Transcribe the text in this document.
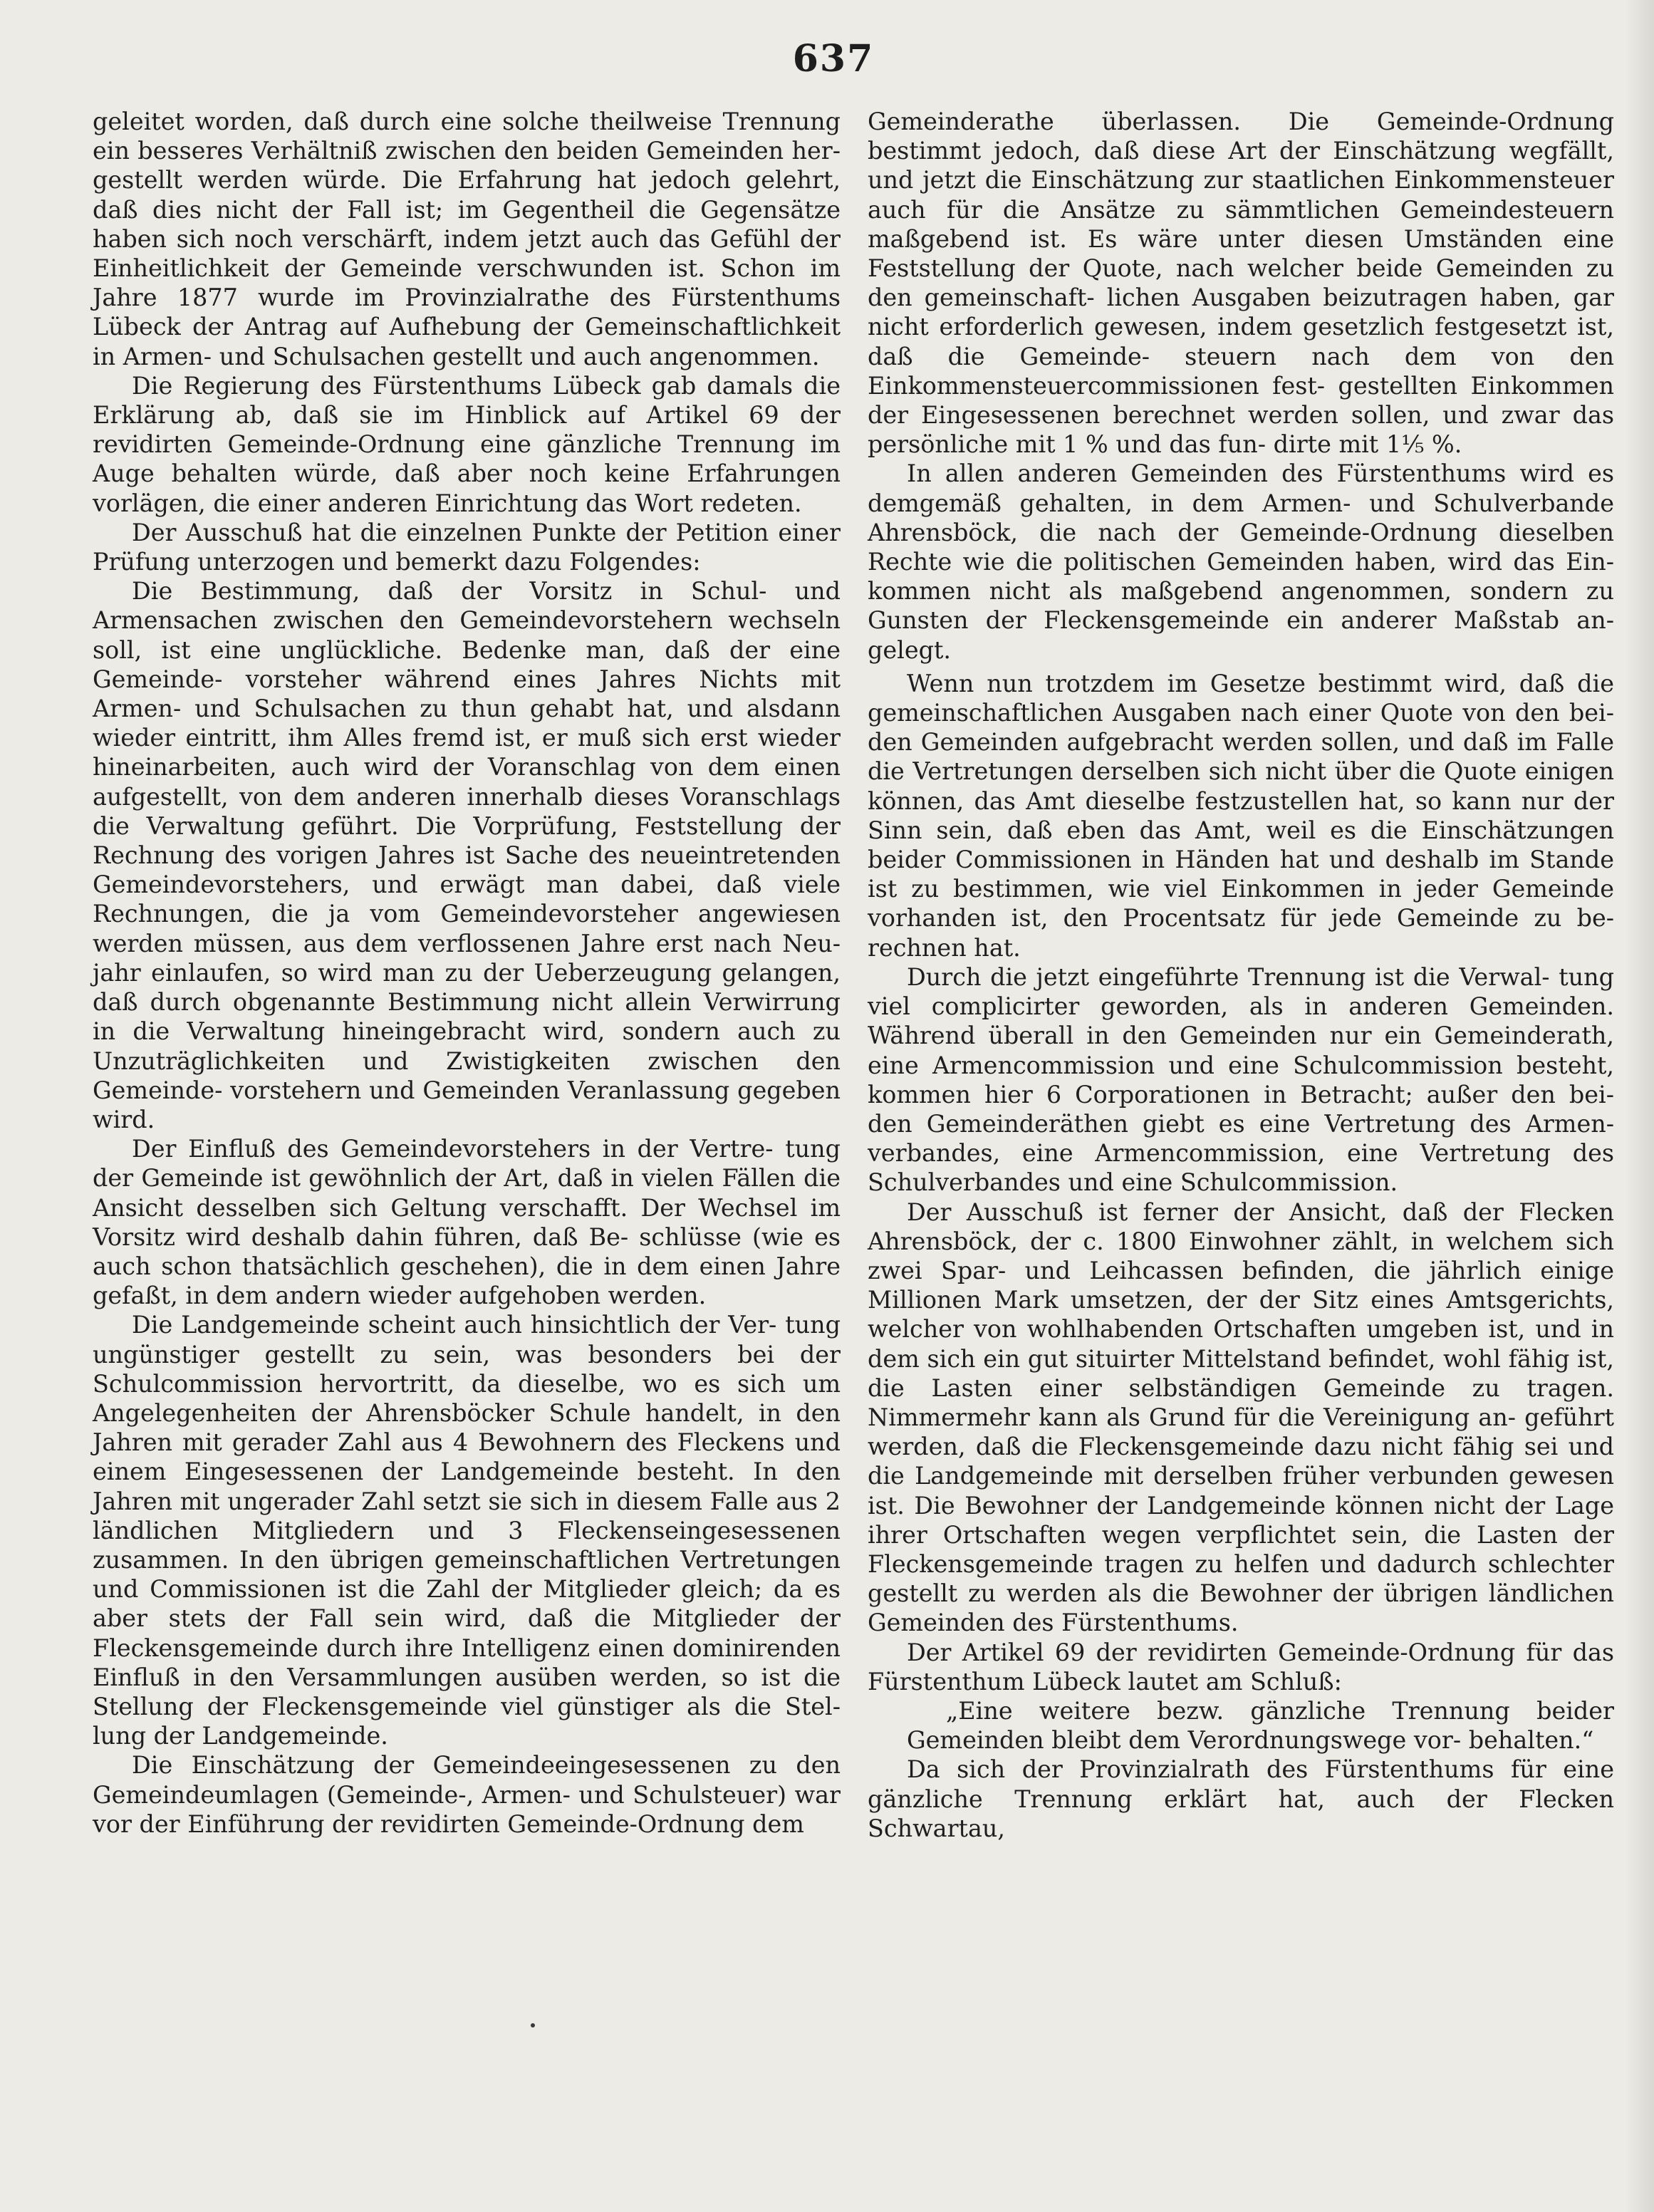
637

geleitet worden, daß durch eine solche theilweise Trennung ein besseres Verhältniß zwischen den beiden Gemeinden her- gestellt werden würde. Die Erfahrung hat jedoch gelehrt, daß dies nicht der Fall ist; im Gegentheil die Gegensätze haben sich noch verschärft, indem jetzt auch das Gefühl der Einheitlichkeit der Gemeinde verschwunden ist. Schon im Jahre 1877 wurde im Provinzialrathe des Fürstenthums Lübeck der Antrag auf Aufhebung der Gemeinschaftlichkeit in Armen- und Schulsachen gestellt und auch angenommen.

Die Regierung des Fürstenthums Lübeck gab damals die Erklärung ab, daß sie im Hinblick auf Artikel 69 der revidirten Gemeinde-Ordnung eine gänzliche Trennung im Auge behalten würde, daß aber noch keine Erfahrungen vorlägen, die einer anderen Einrichtung das Wort redeten.

Der Ausschuß hat die einzelnen Punkte der Petition einer Prüfung unterzogen und bemerkt dazu Folgendes:

Die Bestimmung, daß der Vorsitz in Schul- und Armensachen zwischen den Gemeindevorstehern wechseln soll, ist eine unglückliche. Bedenke man, daß der eine Gemeinde- vorsteher während eines Jahres Nichts mit Armen- und Schulsachen zu thun gehabt hat, und alsdann wieder eintritt, ihm Alles fremd ist, er muß sich erst wieder hineinarbeiten, auch wird der Voranschlag von dem einen aufgestellt, von dem anderen innerhalb dieses Voranschlags die Verwaltung geführt. Die Vorprüfung, Feststellung der Rechnung des vorigen Jahres ist Sache des neueintretenden Gemeindevorstehers, und erwägt man dabei, daß viele Rechnungen, die ja vom Gemeindevorsteher angewiesen werden müssen, aus dem verflossenen Jahre erst nach Neu- jahr einlaufen, so wird man zu der Ueberzeugung gelangen, daß durch obgenannte Bestimmung nicht allein Verwirrung in die Verwaltung hineingebracht wird, sondern auch zu Unzuträglichkeiten und Zwistigkeiten zwischen den Gemeinde- vorstehern und Gemeinden Veranlassung gegeben wird.

Der Einfluß des Gemeindevorstehers in der Vertre- tung der Gemeinde ist gewöhnlich der Art, daß in vielen Fällen die Ansicht desselben sich Geltung verschafft. Der Wechsel im Vorsitz wird deshalb dahin führen, daß Be- schlüsse (wie es auch schon thatsächlich geschehen), die in dem einen Jahre gefaßt, in dem andern wieder aufgehoben werden.

Die Landgemeinde scheint auch hinsichtlich der Ver- tung ungünstiger gestellt zu sein, was besonders bei der Schulcommission hervortritt, da dieselbe, wo es sich um Angelegenheiten der Ahrensböcker Schule handelt, in den Jahren mit gerader Zahl aus 4 Bewohnern des Fleckens und einem Eingesessenen der Landgemeinde besteht. In den Jahren mit ungerader Zahl setzt sie sich in diesem Falle aus 2 ländlichen Mitgliedern und 3 Fleckenseingesessenen zusammen. In den übrigen gemeinschaftlichen Vertretungen und Commissionen ist die Zahl der Mitglieder gleich; da es aber stets der Fall sein wird, daß die Mitglieder der Fleckensgemeinde durch ihre Intelligenz einen dominirenden Einfluß in den Versammlungen ausüben werden, so ist die Stellung der Fleckensgemeinde viel günstiger als die Stel- lung der Landgemeinde.

Die Einschätzung der Gemeindeeingesessenen zu den Gemeindeumlagen (Gemeinde-, Armen- und Schulsteuer) war vor der Einführung der revidirten Gemeinde-Ordnung dem

Gemeinderathe überlassen. Die Gemeinde-Ordnung bestimmt jedoch, daß diese Art der Einschätzung wegfällt, und jetzt die Einschätzung zur staatlichen Einkommensteuer auch für die Ansätze zu sämmtlichen Gemeindesteuern maßgebend ist. Es wäre unter diesen Umständen eine Feststellung der Quote, nach welcher beide Gemeinden zu den gemeinschaft- lichen Ausgaben beizutragen haben, gar nicht erforderlich gewesen, indem gesetzlich festgesetzt ist, daß die Gemeinde- steuern nach dem von den Einkommensteuercommissionen fest- gestellten Einkommen der Eingesessenen berechnet werden sollen, und zwar das persönliche mit 1 % und das fun- dirte mit 1⅕ %.

In allen anderen Gemeinden des Fürstenthums wird es demgemäß gehalten, in dem Armen- und Schulverbande Ahrensböck, die nach der Gemeinde-Ordnung dieselben Rechte wie die politischen Gemeinden haben, wird das Ein- kommen nicht als maßgebend angenommen, sondern zu Gunsten der Fleckensgemeinde ein anderer Maßstab an- gelegt.

Wenn nun trotzdem im Gesetze bestimmt wird, daß die gemeinschaftlichen Ausgaben nach einer Quote von den bei- den Gemeinden aufgebracht werden sollen, und daß im Falle die Vertretungen derselben sich nicht über die Quote einigen können, das Amt dieselbe festzustellen hat, so kann nur der Sinn sein, daß eben das Amt, weil es die Einschätzungen beider Commissionen in Händen hat und deshalb im Stande ist zu bestimmen, wie viel Einkommen in jeder Gemeinde vorhanden ist, den Procentsatz für jede Gemeinde zu be- rechnen hat.

Durch die jetzt eingeführte Trennung ist die Verwal- tung viel complicirter geworden, als in anderen Gemeinden. Während überall in den Gemeinden nur ein Gemeinderath, eine Armencommission und eine Schulcommission besteht, kommen hier 6 Corporationen in Betracht; außer den bei- den Gemeinderäthen giebt es eine Vertretung des Armen- verbandes, eine Armencommission, eine Vertretung des Schulverbandes und eine Schulcommission.

Der Ausschuß ist ferner der Ansicht, daß der Flecken Ahrensböck, der c. 1800 Einwohner zählt, in welchem sich zwei Spar- und Leihcassen befinden, die jährlich einige Millionen Mark umsetzen, der der Sitz eines Amtsgerichts, welcher von wohlhabenden Ortschaften umgeben ist, und in dem sich ein gut situirter Mittelstand befindet, wohl fähig ist, die Lasten einer selbständigen Gemeinde zu tragen. Nimmermehr kann als Grund für die Vereinigung an- geführt werden, daß die Fleckensgemeinde dazu nicht fähig sei und die Landgemeinde mit derselben früher verbunden gewesen ist. Die Bewohner der Landgemeinde können nicht der Lage ihrer Ortschaften wegen verpflichtet sein, die Lasten der Fleckensgemeinde tragen zu helfen und dadurch schlechter gestellt zu werden als die Bewohner der übrigen ländlichen Gemeinden des Fürstenthums.

Der Artikel 69 der revidirten Gemeinde-Ordnung für das Fürstenthum Lübeck lautet am Schluß:

„Eine weitere bezw. gänzliche Trennung beider Gemeinden bleibt dem Verordnungswege vor- behalten.“

Da sich der Provinzialrath des Fürstenthums für eine gänzliche Trennung erklärt hat, auch der Flecken Schwartau,
